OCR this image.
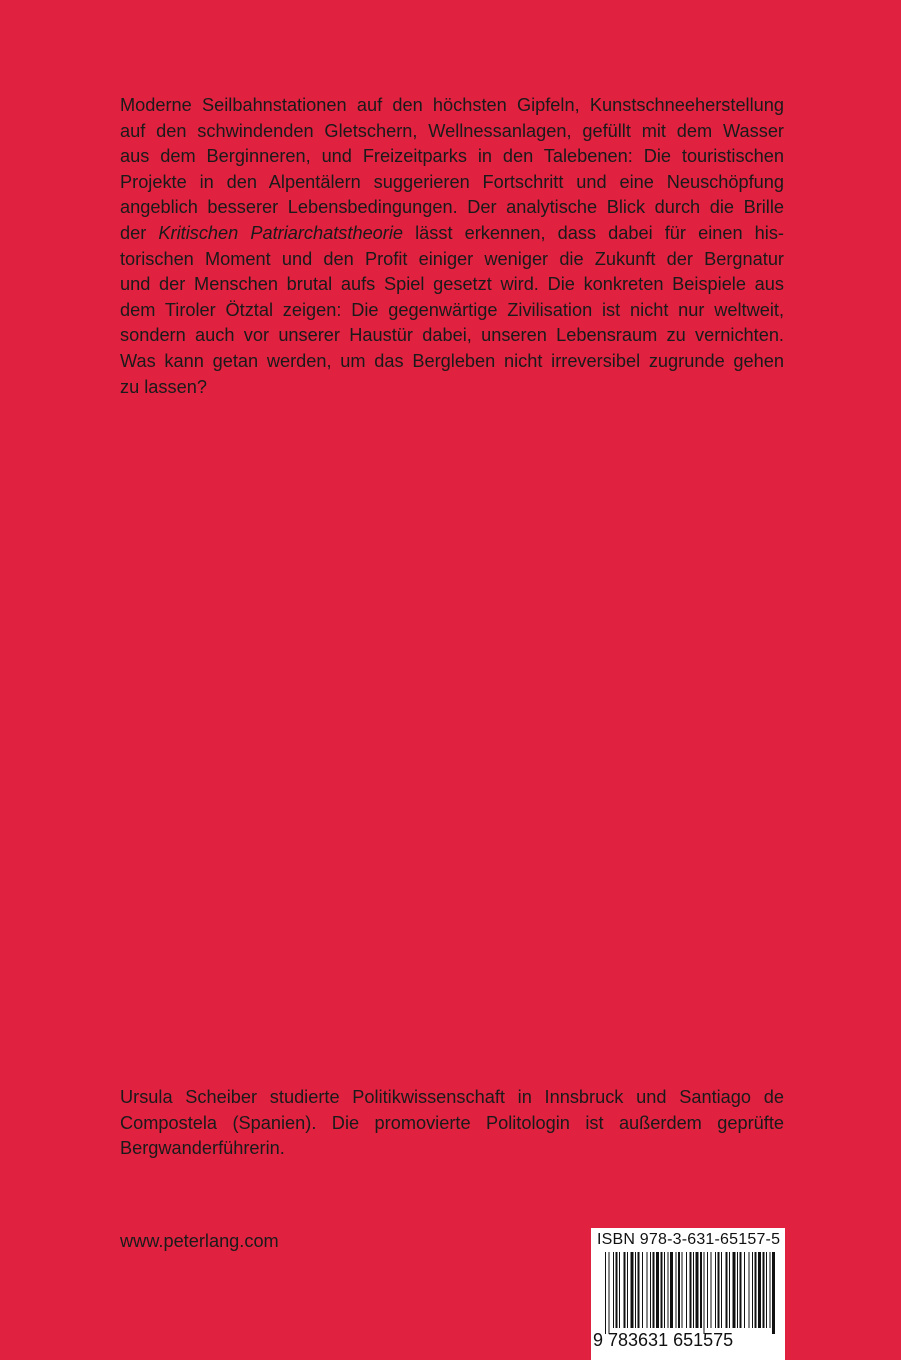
Moderne Seilbahnstationen auf den höchsten Gipfeln, Kunstschneeherstellung
auf den schwindenden Gletschern, Wellnessanlagen, gefüllt mit dem Wasser
aus dem Berginneren, und Freizeitparks in den Talebenen: Die touristischen
Projekte in den Alpentälern suggerieren Fortschritt und eine Neuschöpfung
angeblich besserer Lebensbedingungen. Der analytische Blick durch die Brille
der Kritischen Patriarchatstheorie lässt erkennen, dass dabei für einen his-
torischen Moment und den Profit einiger weniger die Zukunft der Bergnatur
und der Menschen brutal aufs Spiel gesetzt wird. Die konkreten Beispiele aus
dem Tiroler Ötztal zeigen: Die gegenwärtige Zivilisation ist nicht nur weltweit,
sondern auch vor unserer Haustür dabei, unseren Lebensraum zu vernichten.
Was kann getan werden, um das Bergleben nicht irreversibel zugrunde gehen
zu lassen?
Ursula Scheiber studierte Politikwissenschaft in Innsbruck und Santiago de
Compostela (Spanien). Die promovierte Politologin ist außerdem geprüfte
Bergwanderführerin.
www.peterlang.com	ISBN 978-3-631-65157-5
9 783631 651575
